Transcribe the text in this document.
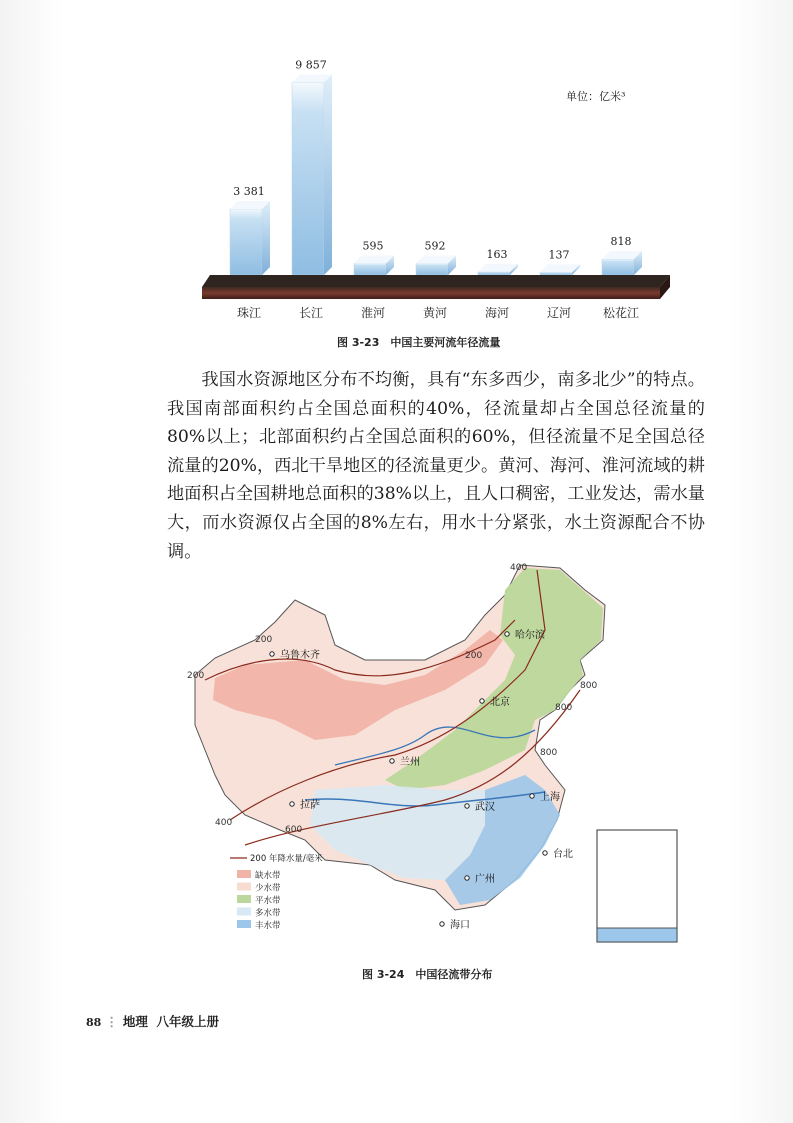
单位：亿米³
3 381
珠江
9 857
长江
595
淮河
592
黄河
163
海河
137
辽河
818
松花江
图 3-23　中国主要河流年径流量

我国水资源地区分布不均衡，具有“东多西少，南多北少”的特点。我国南部面积约占全国总面积的40%，径流量却占全国总径流量的80%以上；北部面积约占全国总面积的60%，但径流量不足全国总径流量的20%，西北干旱地区的径流量更少。黄河、海河、淮河流域的耕地面积占全国耕地总面积的38%以上，且人口稠密，工业发达，需水量大，而水资源仅占全国的8%左右，用水十分紧张，水土资源配合不协调。

乌鲁木齐
哈尔滨
北京
兰州
拉萨	武汉
上海
台北
广州
海口
200
200
200
400
400
600
800
800
800
200 年降水量/毫米
缺水带
少水带
平水带
多水带
丰水带
图 3-24　中国径流带分布
88 ⋮ 地理 八年级上册
